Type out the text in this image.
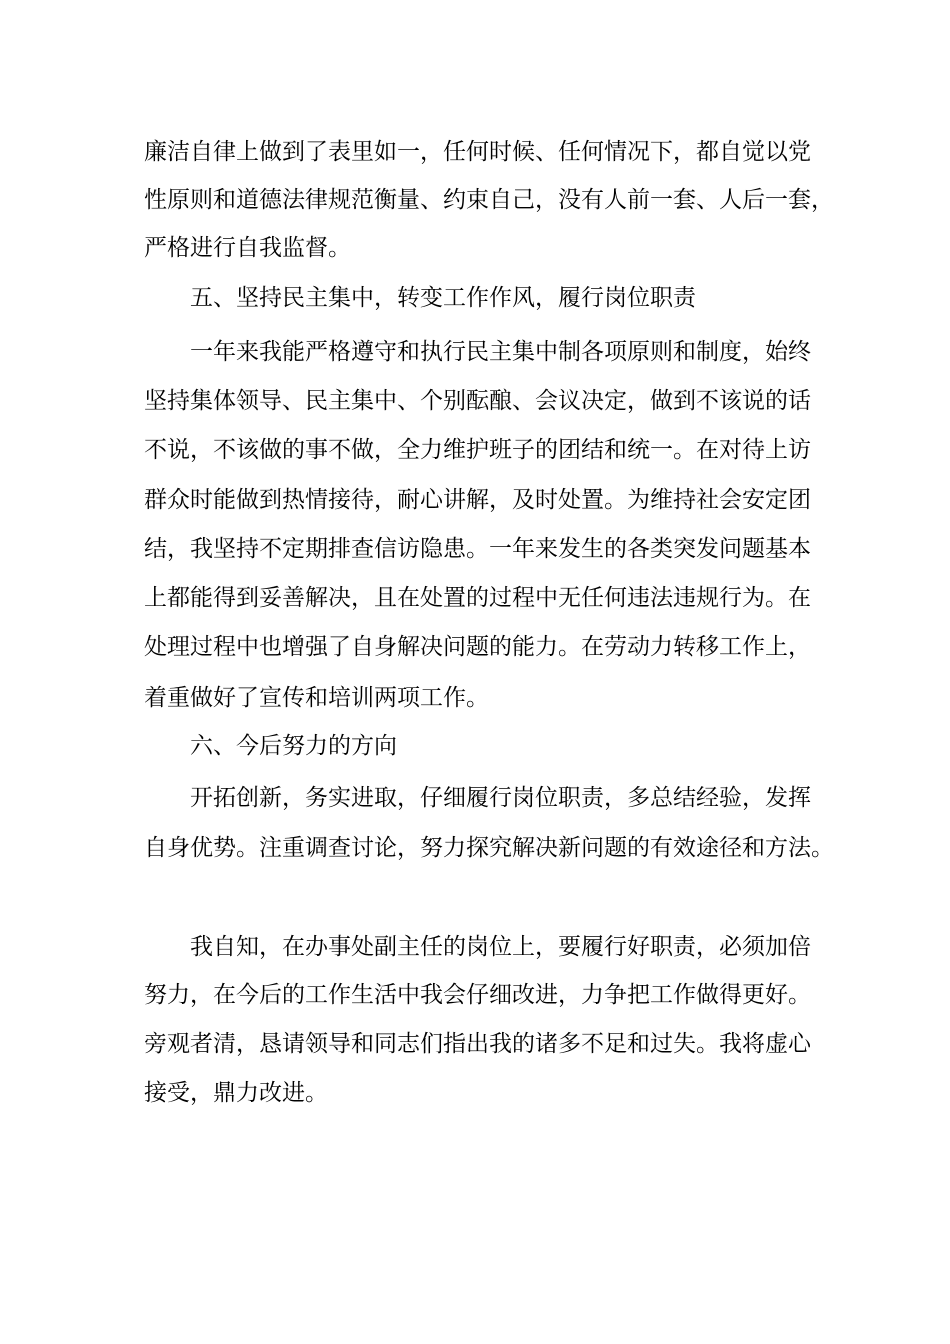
廉洁自律上做到了表里如一，任何时候、任何情况下，都自觉以党
性原则和道德法律规范衡量、约束自己，没有人前一套、人后一套，
严格进行自我监督。
五、坚持民主集中，转变工作作风，履行岗位职责
一年来我能严格遵守和执行民主集中制各项原则和制度，始终
坚持集体领导、民主集中、个别酝酿、会议决定，做到不该说的话
不说，不该做的事不做，全力维护班子的团结和统一。在对待上访
群众时能做到热情接待，耐心讲解，及时处置。为维持社会安定团
结，我坚持不定期排查信访隐患。一年来发生的各类突发问题基本
上都能得到妥善解决，且在处置的过程中无任何违法违规行为。在
处理过程中也增强了自身解决问题的能力。在劳动力转移工作上，
着重做好了宣传和培训两项工作。
六、今后努力的方向
开拓创新，务实进取，仔细履行岗位职责，多总结经验，发挥
自身优势。注重调查讨论，努力探究解决新问题的有效途径和方法。
我自知，在办事处副主任的岗位上，要履行好职责，必须加倍
努力，在今后的工作生活中我会仔细改进，力争把工作做得更好。
旁观者清，恳请领导和同志们指出我的诸多不足和过失。我将虚心
接受，鼎力改进。
